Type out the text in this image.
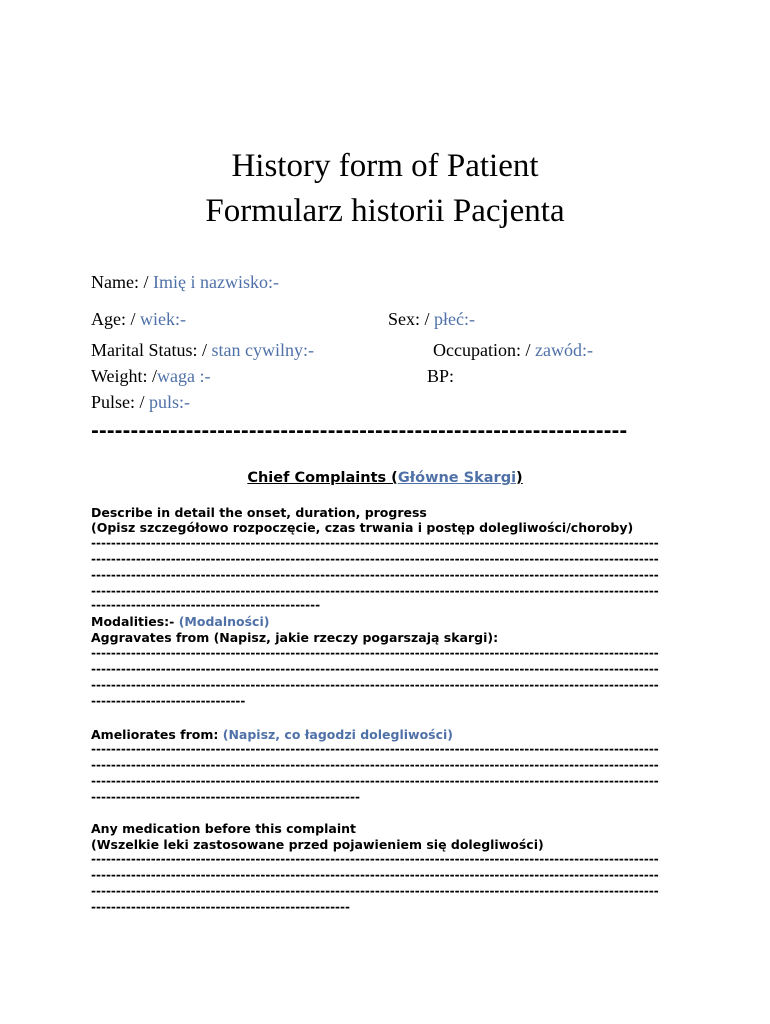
History form of Patient
Formularz historii Pacjenta
Name: / Imię i nazwisko:-
Age: / wiek:-	Sex: / płeć:-
Marital Status: / stan cywilny:-	Occupation: / zawód:-
Weight: /waga :-	BP:
Pulse: / puls:-
--------------------------------------------------------------------
Chief Complaints (Główne Skargi)
Describe in detail the onset, duration, progress
(Opisz szczegółowo rozpoczęcie, czas trwania i postęp dolegliwości/choroby)
------------------------------------------------------------------------------------------------------------------
------------------------------------------------------------------------------------------------------------------
------------------------------------------------------------------------------------------------------------------
------------------------------------------------------------------------------------------------------------------
----------------------------------------------
Modalities:- (Modalności)
Aggravates from (Napisz, jakie rzeczy pogarszają skargi):
------------------------------------------------------------------------------------------------------------------
------------------------------------------------------------------------------------------------------------------
------------------------------------------------------------------------------------------------------------------
-------------------------------
Ameliorates from: (Napisz, co łagodzi dolegliwości)
------------------------------------------------------------------------------------------------------------------
------------------------------------------------------------------------------------------------------------------
------------------------------------------------------------------------------------------------------------------
------------------------------------------------------
Any medication before this complaint
(Wszelkie leki zastosowane przed pojawieniem się dolegliwości)
------------------------------------------------------------------------------------------------------------------
------------------------------------------------------------------------------------------------------------------
------------------------------------------------------------------------------------------------------------------
----------------------------------------------------
